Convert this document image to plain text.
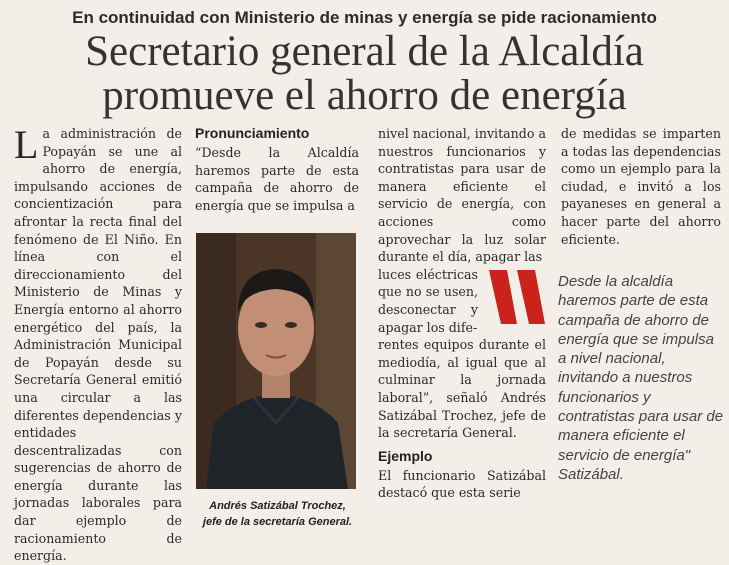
En continuidad con Ministerio de minas y energía se pide racionamiento
Secretario general de la Alcaldía
promueve el ahorro de energía
L a administración de Popayán se une al ahorro de energía, impulsando acciones de concientización para afrontar la recta final del fenómeno de El Niño. En línea con el direccionamiento del Ministerio de Minas y Energía entorno al ahorro energético del país, la Administración Municipal de Popayán desde su Secretaría General emitió una circular a las diferentes dependencias y entidades descentralizadas con sugerencias de ahorro de energía durante las jornadas laborales para dar ejemplo de racionamiento de energía.
Pronunciamiento
“Desde la Alcaldía haremos parte de esta campaña de ahorro de energía que se impulsa a
Andrés Satizábal Trochez,
jefe de la secretaría General.
nivel nacional, invitando a nuestros funcionarios y contratistas para usar de manera eficiente el servicio de energía, con acciones como aprovechar la luz solar durante el día, apagar las
luces eléctricas que no se usen, desconectar y apagar los dife-
rentes equipos durante el mediodía, al igual que al culminar la jornada laboral”, señaló Andrés Satizábal Trochez, jefe de la secretaría General.
Ejemplo
El funcionario Satizábal destacó que esta serie
de medidas se imparten a todas las dependencias como un ejemplo para la ciudad, e invitó a los payaneses en general a hacer parte del ahorro eficiente.
Desde la alcaldía haremos parte de esta campaña de ahorro de energía que se impulsa a nivel nacional, invitando a nuestros funcionarios y contratistas para usar de manera eficiente el servicio de energía" Satizábal.
